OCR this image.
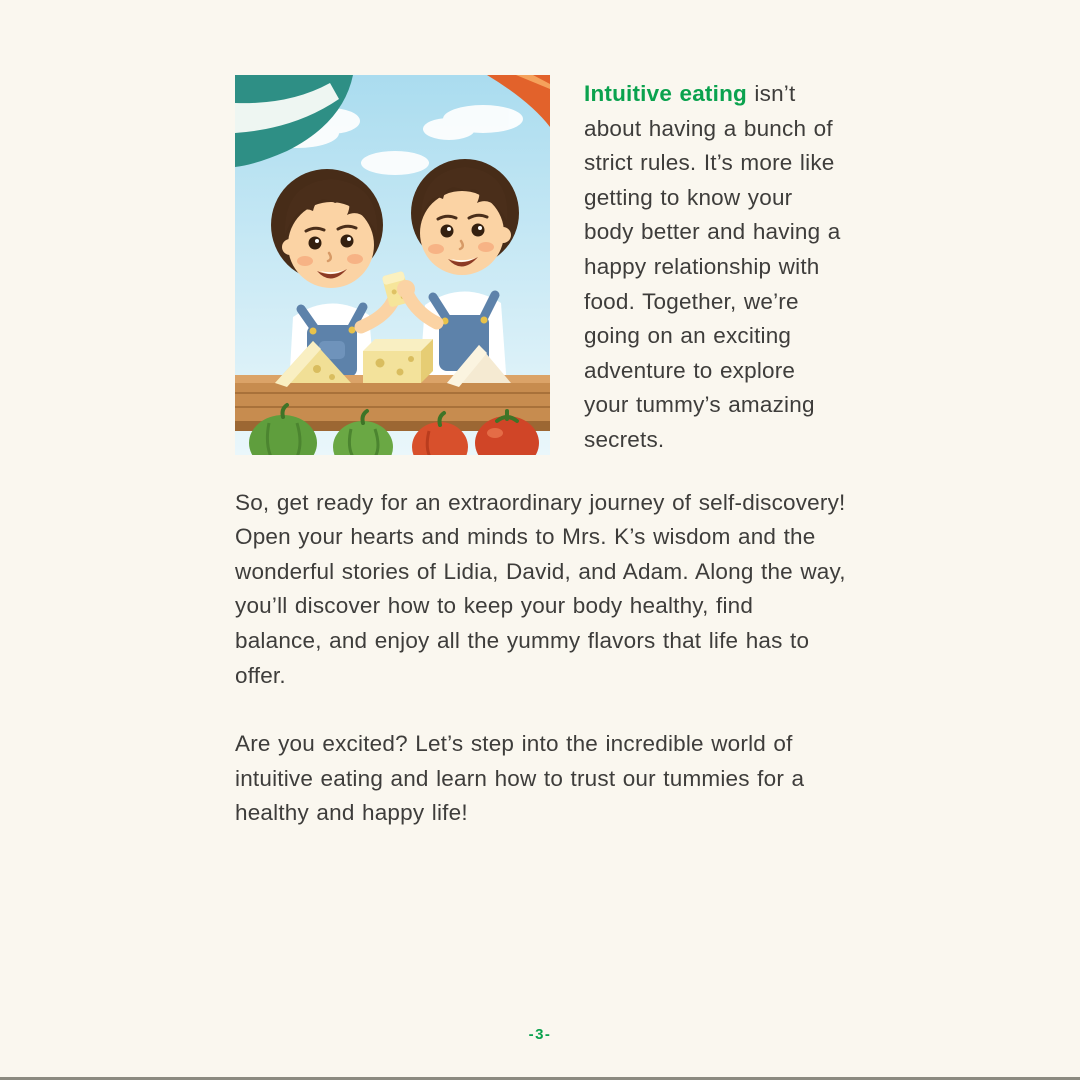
Intuitive eating isn’t about having a bunch of strict rules. It’s more like getting to know your body better and having a happy relationship with food. Together, we’re going on an exciting adventure to explore your tummy’s amazing secrets.

So, get ready for an extraordinary journey of self-discovery! Open your hearts and minds to Mrs. K’s wisdom and the wonderful stories of Lidia, David, and Adam. Along the way, you’ll discover how to keep your body healthy, find balance, and enjoy all the yummy flavors that life has to offer.

Are you excited? Let’s step into the incredible world of intuitive eating and learn how to trust our tummies for a healthy and happy life!

-3-
